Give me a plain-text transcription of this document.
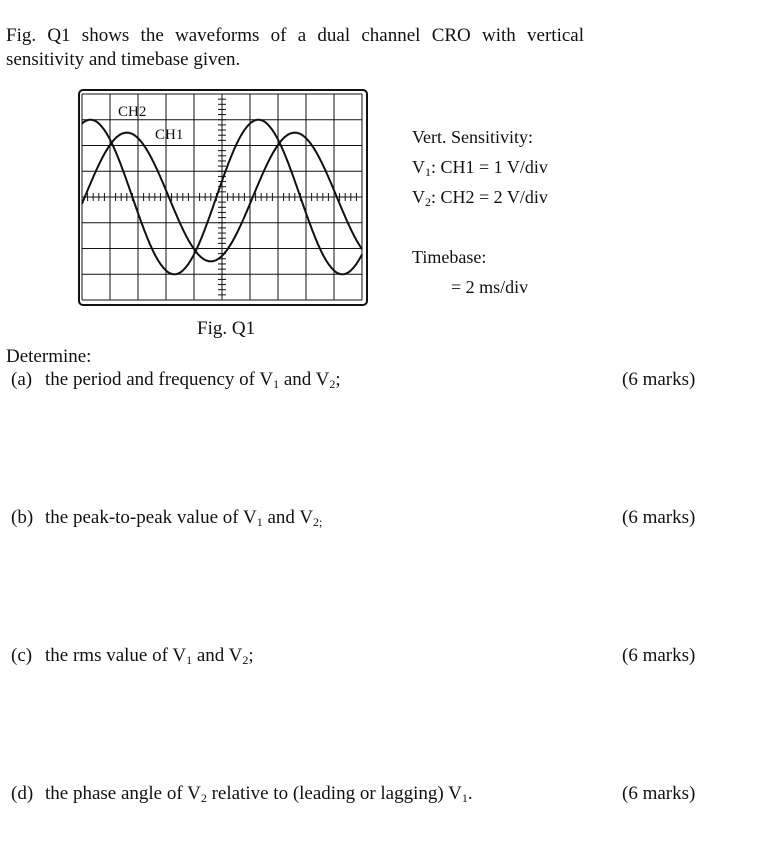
Fig. Q1 shows the waveforms of a dual channel CRO with vertical sensitivity and timebase given.
CH2
CH1	Vert. Sensitivity:
$V_1$: CH1 = 1 V/div
$V_2$: CH2 = 2 V/div
Timebase:
= 2 ms/div
Fig. Q1
Determine:
(a) the period and frequency of $V_1$ and $V_2$;	(6 marks)
(b) the peak-to-peak value of $V_1$ and $V_{2;}$	(6 marks)
(c) the rms value of $V_1$ and $V_2$;	(6 marks)
(d) the phase angle of $V_2$ relative to (leading or lagging) $V_1$.	(6 marks)
